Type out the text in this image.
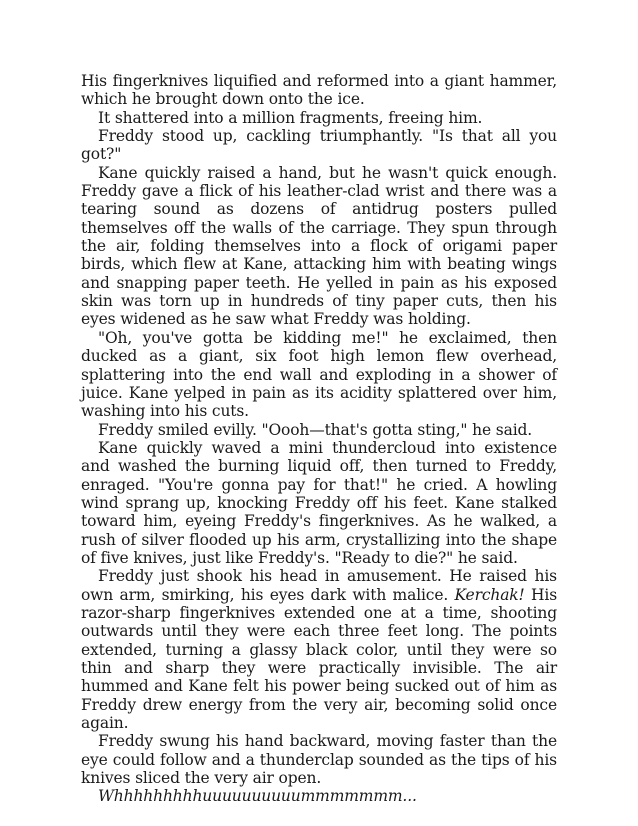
His fingerknives liquified and reformed into a giant hammer, which he brought down onto the ice.

It shattered into a million fragments, freeing him.

Freddy stood up, cackling triumphantly. "Is that all you got?"

Kane quickly raised a hand, but he wasn't quick enough. Freddy gave a flick of his leather-clad wrist and there was a tearing sound as dozens of antidrug posters pulled themselves off the walls of the carriage. They spun through the air, folding themselves into a flock of origami paper birds, which flew at Kane, attacking him with beating wings and snapping paper teeth. He yelled in pain as his exposed skin was torn up in hundreds of tiny paper cuts, then his eyes widened as he saw what Freddy was holding.

"Oh, you've gotta be kidding me!" he exclaimed, then ducked as a giant, six foot high lemon flew overhead, splattering into the end wall and exploding in a shower of juice. Kane yelped in pain as its acidity splattered over him, washing into his cuts.

Freddy smiled evilly. "Oooh—that's gotta sting," he said.

Kane quickly waved a mini thundercloud into existence and washed the burning liquid off, then turned to Freddy, enraged. "You're gonna pay for that!" he cried. A howling wind sprang up, knocking Freddy off his feet. Kane stalked toward him, eyeing Freddy's fingerknives. As he walked, a rush of silver flooded up his arm, crystallizing into the shape of five knives, just like Freddy's. "Ready to die?" he said.

Freddy just shook his head in amusement. He raised his own arm, smirking, his eyes dark with malice. Kerchak! His razor-sharp fingerknives extended one at a time, shooting outwards until they were each three feet long. The points extended, turning a glassy black color, until they were so thin and sharp they were practically invisible. The air hummed and Kane felt his power being sucked out of him as Freddy drew energy from the very air, becoming solid once again.

Freddy swung his hand backward, moving faster than the eye could follow and a thunderclap sounded as the tips of his knives sliced the very air open.

Whhhhhhhhhuuuuuuuuuummmmmmm...
